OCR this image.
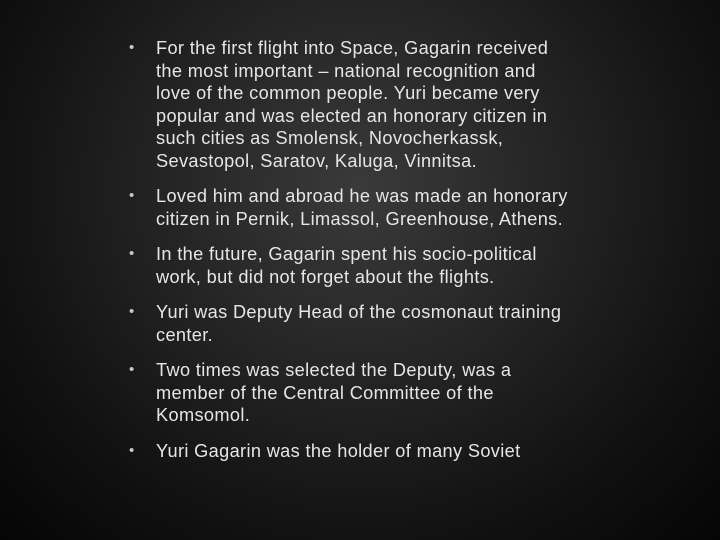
• For the first flight into Space, Gagarin received the most important – national recognition and love of the common people. Yuri became very popular and was elected an honorary citizen in such cities as Smolensk, Novocherkassk, Sevastopol, Saratov, Kaluga, Vinnitsa.
• Loved him and abroad he was made an honorary citizen in Pernik, Limassol, Greenhouse, Athens.
• In the future, Gagarin spent his socio-political work, but did not forget about the flights.
• Yuri was Deputy Head of the cosmonaut training center.
• Two times was selected the Deputy, was a member of the Central Committee of the Komsomol.
• Yuri Gagarin was the holder of many Soviet
